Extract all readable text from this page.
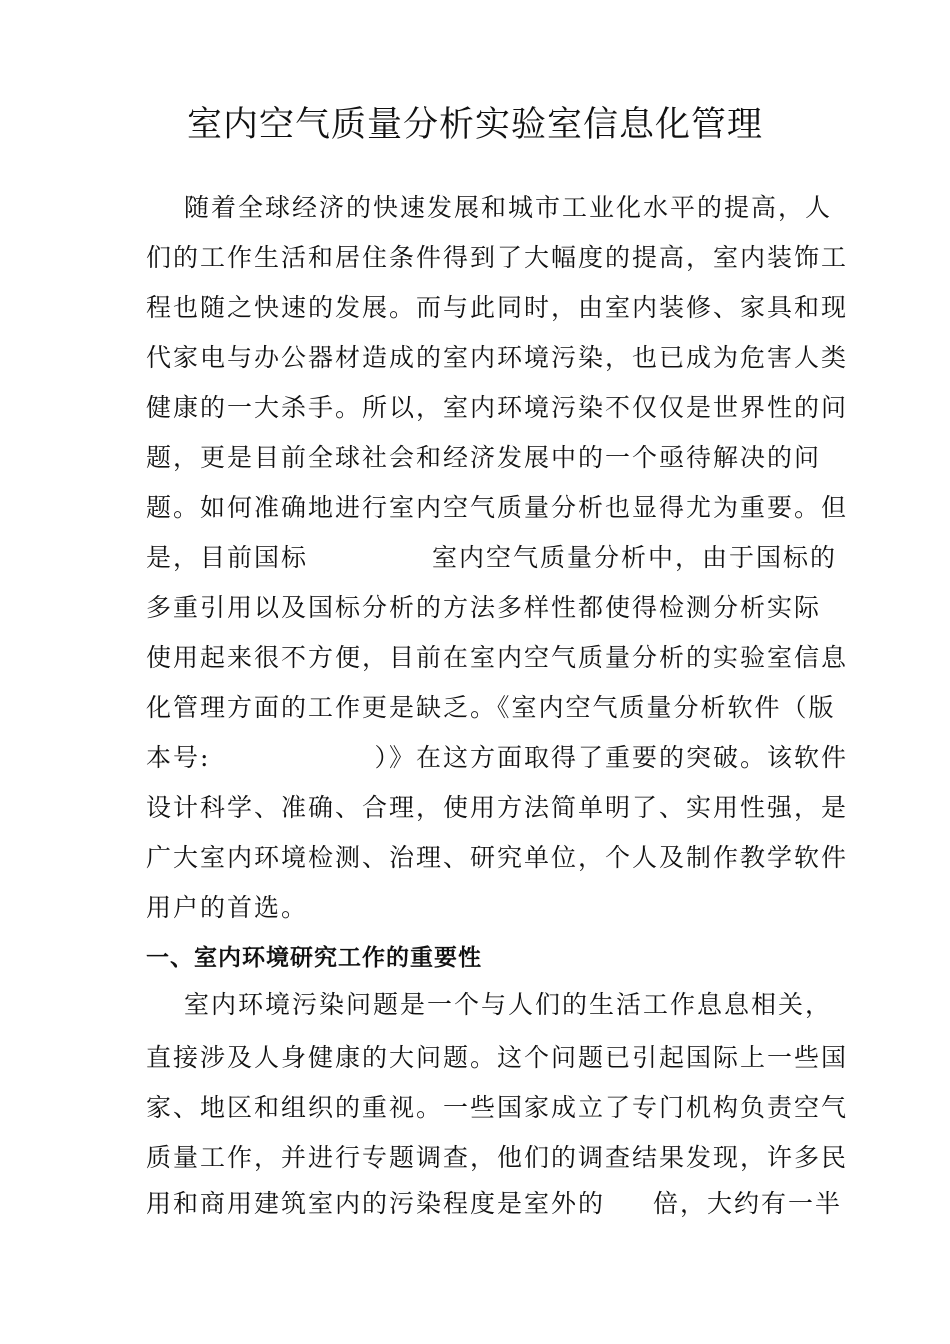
室内空气质量分析实验室信息化管理
随着全球经济的快速发展和城市工业化水平的提高，人
们的工作生活和居住条件得到了大幅度的提高，室内装饰工
程也随之快速的发展。而与此同时，由室内装修、家具和现
代家电与办公器材造成的室内环境污染，也已成为危害人类
健康的一大杀手。所以，室内环境污染不仅仅是世界性的问
题，更是目前全球社会和经济发展中的一个亟待解决的问
题。如何准确地进行室内空气质量分析也显得尤为重要。但
是，目前国标	室内空气质量分析中，由于国标的
多重引用以及国标分析的方法多样性都使得检测分析实际
使用起来很不方便，目前在室内空气质量分析的实验室信息
化管理方面的工作更是缺乏。《室内空气质量分析软件（版
本号:	）》在这方面取得了重要的突破。该软件
设计科学、准确、合理，使用方法简单明了、实用性强，是
广大室内环境检测、治理、研究单位，个人及制作教学软件
用户的首选。
一、室内环境研究工作的重要性
室内环境污染问题是一个与人们的生活工作息息相关，
直接涉及人身健康的大问题。这个问题已引起国际上一些国
家、地区和组织的重视。一些国家成立了专门机构负责空气
质量工作，并进行专题调查，他们的调查结果发现，许多民
用和商用建筑室内的污染程度是室外的 倍，大约有一半
